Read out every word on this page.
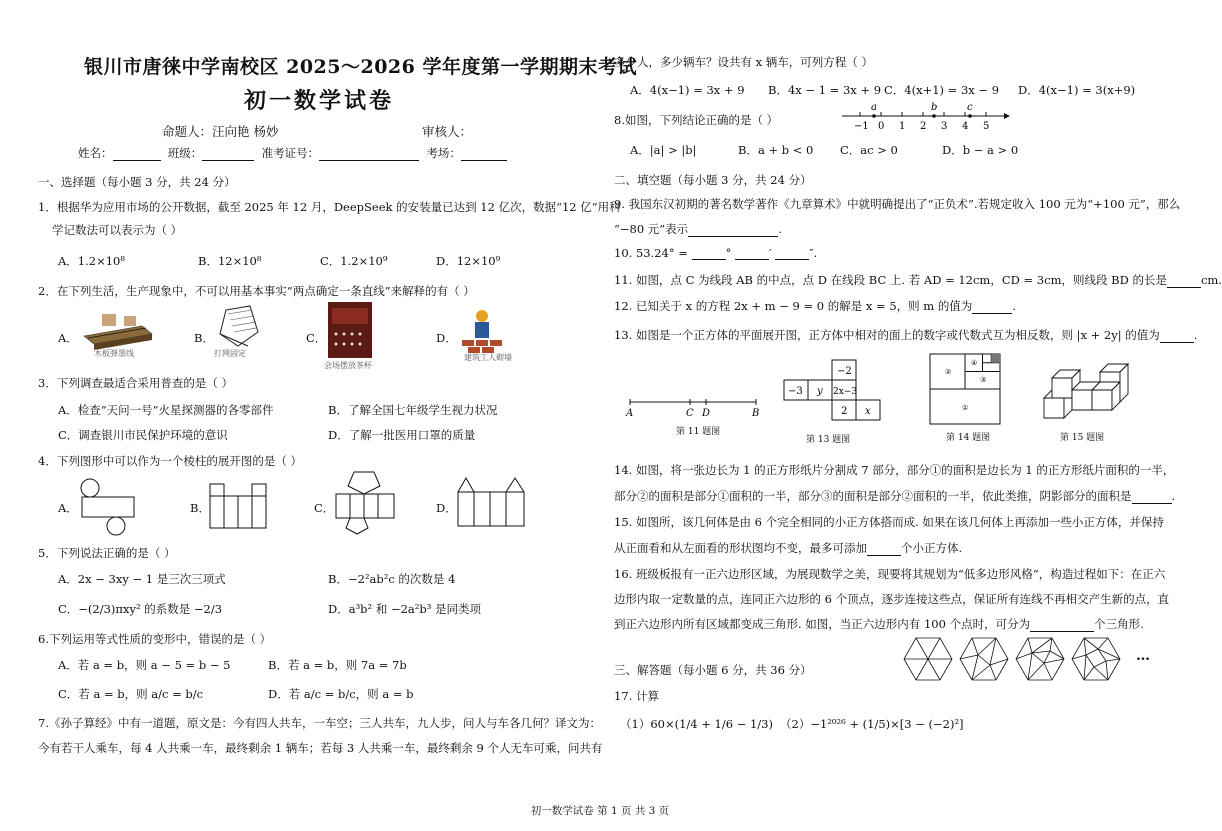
银川市唐徕中学南校区 2025～2026 学年度第一学期期末考试
初一数学试卷
命题人：汪向艳 杨妙	审核人：
姓名：	班级：	准考证号：	考场：
一、选择题（每小题 3 分，共 24 分）
1．根据华为应用市场的公开数据，截至 2025 年 12 月，DeepSeek 的安装量已达到 12 亿次，数据“12 亿”用科
学记数法可以表示为（ ）
A．1.2×10⁸	B．12×10⁸	C．1.2×10⁹	D．12×10⁹
2．在下列生活，生产现象中，不可以用基本事实“两点确定一条直线”来解释的有（ ）
A．
木板弹墨线
B．
打网固定
C．
会场摆放茶杯
D．
建筑工人砌墙
3．下列调查最适合采用普查的是（ ）
A．检查“天问一号”火星探测器的各零部件	B．了解全国七年级学生视力状况
C．调查银川市民保护环境的意识	D．了解一批医用口罩的质量
4．下列图形中可以作为一个棱柱的展开图的是（ ）
A．	B．	C．	D．
5．下列说法正确的是（ ）
A．2x − 3xy − 1 是三次三项式	B．−2²ab²c 的次数是 4
C．−(2/3)πxy² 的系数是 −2/3	D．a³b² 和 −2a²b³ 是同类项
6.下列运用等式性质的变形中，错误的是（ ）
A．若 a = b，则 a − 5 = b − 5	B．若 a = b，则 7a = 7b
C．若 a = b，则 a/c = b/c	D．若 a/c = b/c，则 a = b
7.《孙子算经》中有一道题，原文是：今有四人共车，一车空；三人共车，九人步，问人与车各几何？译文为：
今有若干人乘车，每 4 人共乘一车，最终剩余 1 辆车；若每 3 人共乘一车，最终剩余 9 个人无车可乘，问共有
多少人，多少辆车？设共有 x 辆车，可列方程（ ）
A．4(x−1) = 3x + 9 B．4x − 1 = 3x + 9 C．4(x+1) = 3x − 9 D．4(x−1) = 3(x+9)
8.如图，下列结论正确的是（ ）
a	b	c
−1 0 1 2 3 4 5
A．|a| > |b|	B．a + b < 0 C．ac > 0	D．b − a > 0
二、填空题（每小题 3 分，共 24 分）
9. 我国东汉初期的著名数学著作《九章算术》中就明确提出了“正负术”.若规定收入 100 元为“+100 元”，那么
“−80 元”表示	.
10. 53.24° =	°	′	″.
11. 如图，点 C 为线段 AB 的中点，点 D 在线段 BC 上. 若 AD = 12cm，CD = 3cm，则线段 BD 的长是	cm.
12. 已知关于 x 的方程 2x + m − 9 = 0 的解是 x = 5，则 m 的值为	.
13. 如图是一个正方体的平面展开图，正方体中相对的面上的数字或代数式互为相反数，则 |x + 2y| 的值为	.
A	C D	B
第 11 题图
−2
−3 y 2x−3
2 x
第 13 题图
①
②
③
④
第 14 题图	第 15 题图
14. 如图，将一张边长为 1 的正方形纸片分割成 7 部分，部分①的面积是边长为 1 的正方形纸片面积的一半，
部分②的面积是部分①面积的一半，部分③的面积是部分②面积的一半，依此类推，阴影部分的面积是	.
15. 如图所，该几何体是由 6 个完全相同的小正方体搭而成. 如果在该几何体上再添加一些小正方体，并保持
从正面看和从左面看的形状图均不变，最多可添加	个小正方体.
16. 班级板报有一正六边形区域，为展现数学之美，现要将其规划为“低多边形风格”，构造过程如下：在正六
边形内取一定数量的点，连同正六边形的 6 个顶点，逐步连接这些点，保证所有连线不再相交产生新的点，直
到正六边形内所有区域都变成三角形. 如图，当正六边形内有 100 个点时，可分为	个三角形.
…
三、解答题（每小题 6 分，共 36 分）
17. 计算
（1）60×(1/4 + 1/6 − 1/3) （2）−1²⁰²⁶ + (1/5)×[3 − (−2)²]
初一数学试卷 第 1 页 共 3 页
